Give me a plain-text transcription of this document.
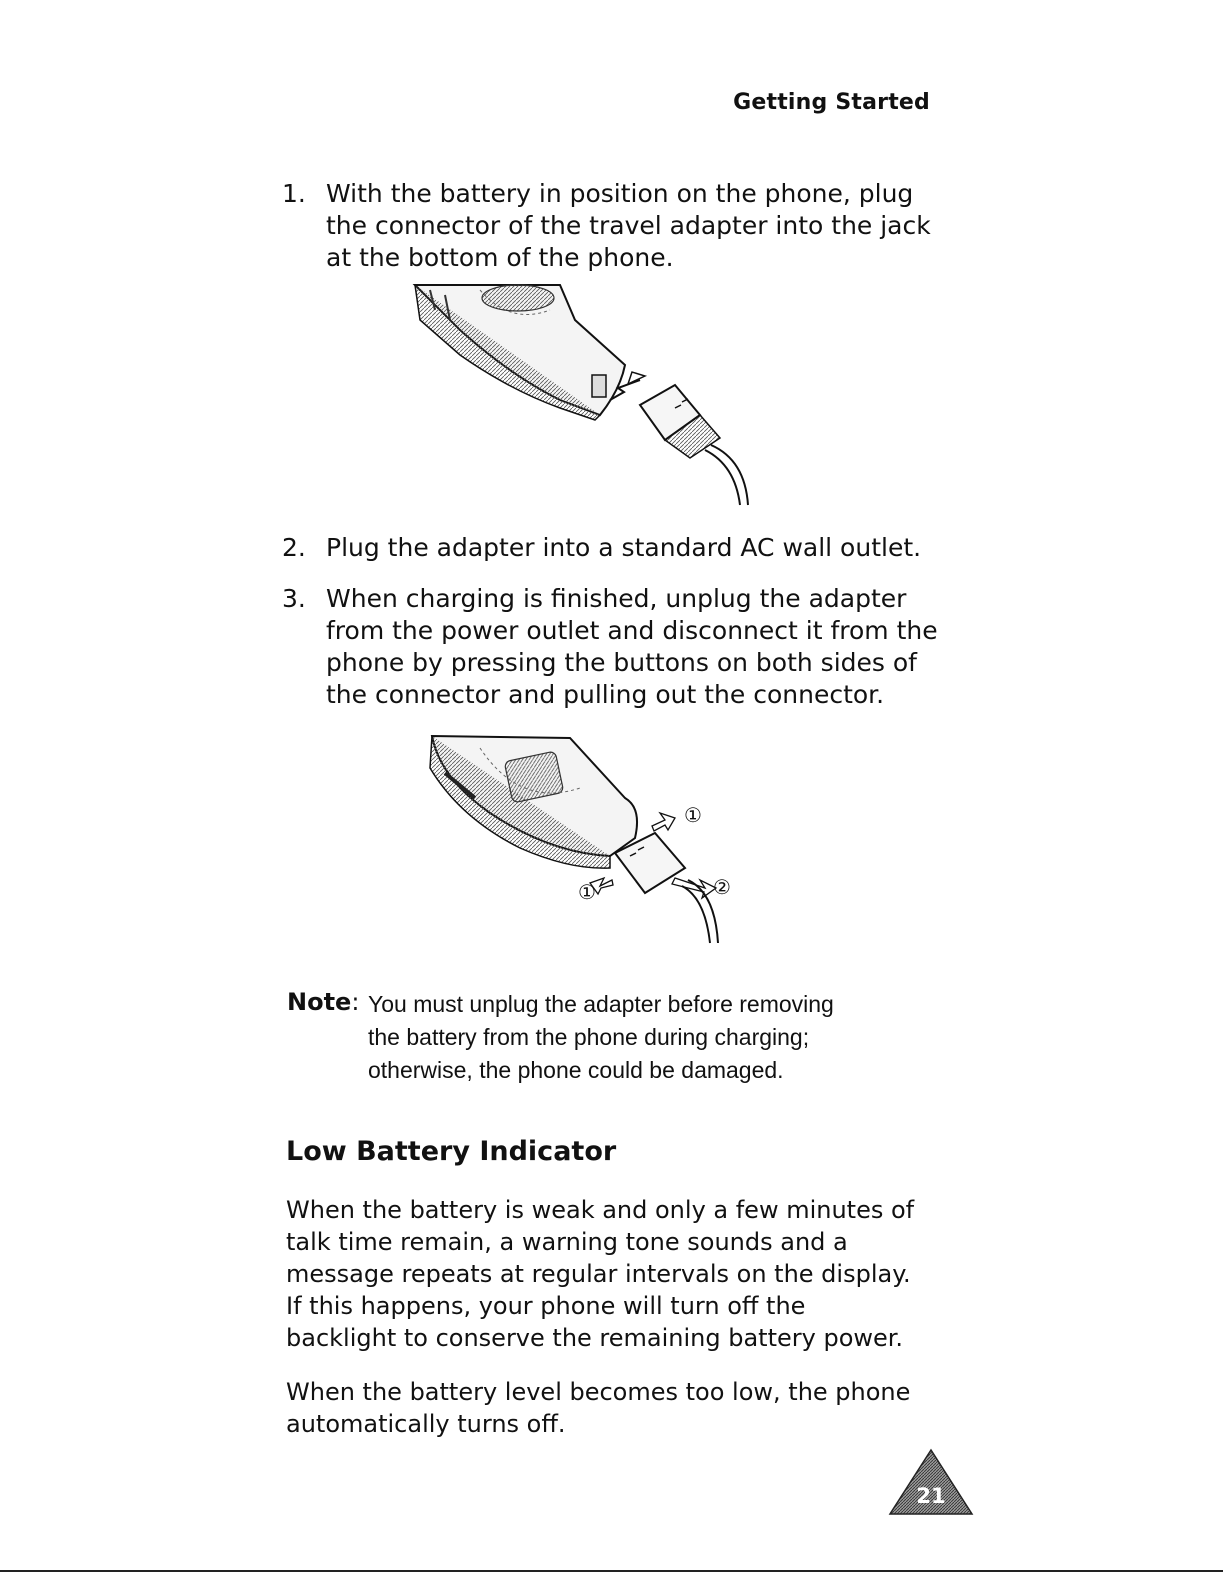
Getting Started
1. With the battery in position on the phone, plug
the connector of the travel adapter into the jack
at the bottom of the phone.
2. Plug the adapter into a standard AC wall outlet.
3. When charging is finished, unplug the adapter
from the power outlet and disconnect it from the
phone by pressing the buttons on both sides of
the connector and pulling out the connector.
①
①	②
Note: You must unplug the adapter before removing
the battery from the phone during charging;
otherwise, the phone could be damaged.
Low Battery Indicator
When the battery is weak and only a few minutes of
talk time remain, a warning tone sounds and a
message repeats at regular intervals on the display.
If this happens, your phone will turn off the
backlight to conserve the remaining battery power.
When the battery level becomes too low, the phone
automatically turns off.
21
